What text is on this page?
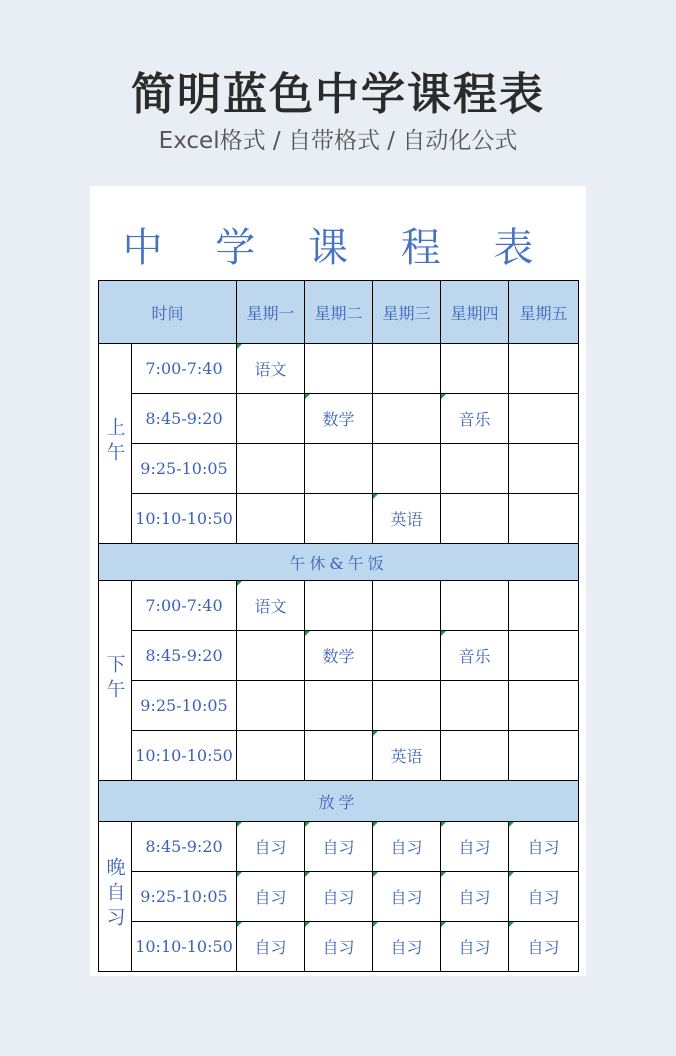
简明蓝色中学课程表
Excel格式 / 自带格式 / 自动化公式
中 学 课 程 表
时间		星期一	星期二	星期三	星期四	星期五
上午	7:00-7:40	语文				
	8:45-9:20		数学		音乐	
	9:25-10:05					
	10:10-10:50			英语		
午休&午饭						
下午	7:00-7:40	语文				
	8:45-9:20		数学		音乐	
	9:25-10:05					
	10:10-10:50			英语		
放学						
晚自习	8:45-9:20	自习	自习	自习	自习	自习
	9:25-10:05	自习	自习	自习	自习	自习
	10:10-10:50	自习	自习	自习	自习	自习
